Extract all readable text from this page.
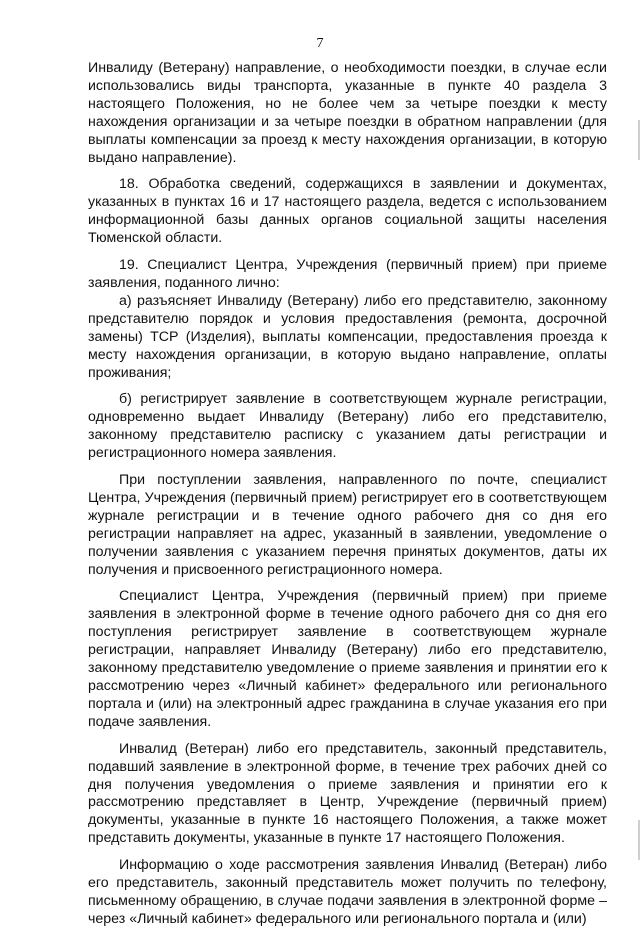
7

Инвалиду (Ветерану) направление, о необходимости поездки, в случае если использовались виды транспорта, указанные в пункте 40 раздела 3 настоящего Положения, но не более чем за четыре поездки к месту нахождения организации и за четыре поездки в обратном направлении (для выплаты компенсации за проезд к месту нахождения организации, в которую выдано направление).

18. Обработка сведений, содержащихся в заявлении и документах, указанных в пунктах 16 и 17 настоящего раздела, ведется с использованием информационной базы данных органов социальной защиты населения Тюменской области.

19. Специалист Центра, Учреждения (первичный прием) при приеме заявления, поданного лично:

а) разъясняет Инвалиду (Ветерану) либо его представителю, законному представителю порядок и условия предоставления (ремонта, досрочной замены) ТСР (Изделия), выплаты компенсации, предоставления проезда к месту нахождения организации, в которую выдано направление, оплаты проживания;

б) регистрирует заявление в соответствующем журнале регистрации, одновременно выдает Инвалиду (Ветерану) либо его представителю, законному представителю расписку с указанием даты регистрации и регистрационного номера заявления.

При поступлении заявления, направленного по почте, специалист Центра, Учреждения (первичный прием) регистрирует его в соответствующем журнале регистрации и в течение одного рабочего дня со дня его регистрации направляет на адрес, указанный в заявлении, уведомление о получении заявления с указанием перечня принятых документов, даты их получения и присвоенного регистрационного номера.

Специалист Центра, Учреждения (первичный прием) при приеме заявления в электронной форме в течение одного рабочего дня со дня его поступления регистрирует заявление в соответствующем журнале регистрации, направляет Инвалиду (Ветерану) либо его представителю, законному представителю уведомление о приеме заявления и принятии его к рассмотрению через «Личный кабинет» федерального или регионального портала и (или) на электронный адрес гражданина в случае указания его при подаче заявления.

Инвалид (Ветеран) либо его представитель, законный представитель, подавший заявление в электронной форме, в течение трех рабочих дней со дня получения уведомления о приеме заявления и принятии его к рассмотрению представляет в Центр, Учреждение (первичный прием) документы, указанные в пункте 16 настоящего Положения, а также может представить документы, указанные в пункте 17 настоящего Положения.

Информацию о ходе рассмотрения заявления Инвалид (Ветеран) либо его представитель, законный представитель может получить по телефону, письменному обращению, в случае подачи заявления в электронной форме – через «Личный кабинет» федерального или регионального портала и (или)
